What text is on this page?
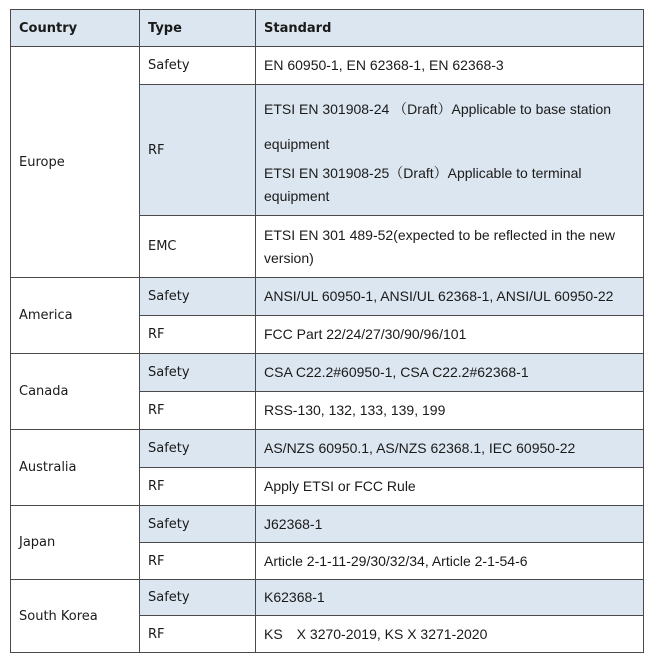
Country	Type	Standard
Europe	Safety	EN 60950-1, EN 62368-1, EN 62368-3

	RF	ETSI EN 301908-24 （Draft）Applicable to base station equipment
ETSI EN 301908-25（Draft）Applicable to terminal equipment

	EMC	ETSI EN 301 489-52(expected to be reflected in the new version)

America	Safety	ANSI/UL 60950-1, ANSI/UL 62368-1, ANSI/UL 60950-22

	RF	FCC Part 22/24/27/30/90/96/101

Canada	Safety	CSA C22.2#60950-1, CSA C22.2#62368-1

	RF	RSS-130, 132, 133, 139, 199

Australia	Safety	AS/NZS 60950.1, AS/NZS 62368.1, IEC 60950-22

	RF	Apply ETSI or FCC Rule

Japan	Safety	J62368-1

	RF	Article 2-1-11-29/30/32/34, Article 2-1-54-6

South Korea	Safety	K62368-1

	RF	KS　X 3270-2019, KS X 3271-2020
